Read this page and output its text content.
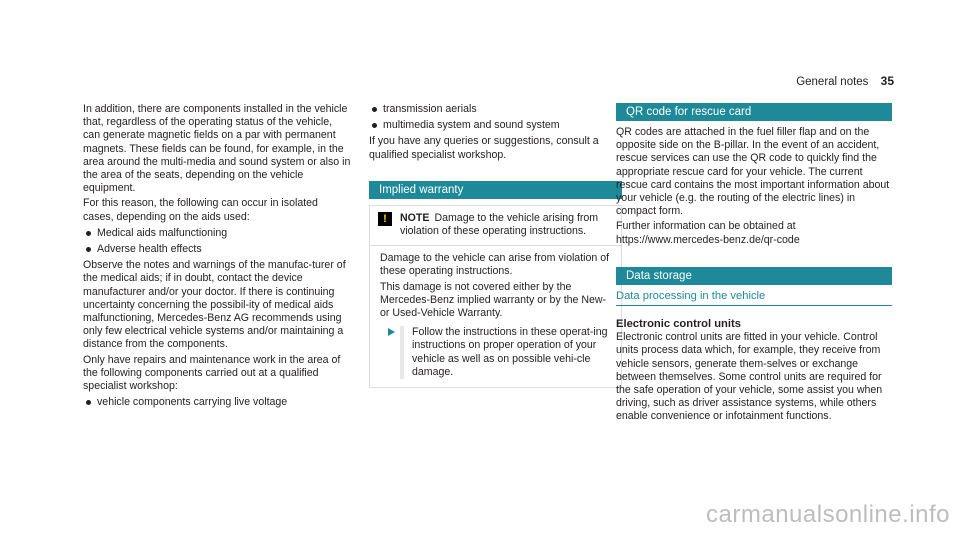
General notes 35

In addition, there are components installed in the vehicle that, regardless of the operating status of the vehicle, can generate magnetic fields on a par with permanent magnets. These fields can be found, for example, in the area around the multi-media and sound system or also in the area of the seats, depending on the vehicle equipment.

For this reason, the following can occur in isolated cases, depending on the aids used:

Medical aids malfunctioning
Adverse health effects

Observe the notes and warnings of the manufac-turer of the medical aids; if in doubt, contact the device manufacturer and/or your doctor. If there is continuing uncertainty concerning the possibil-ity of medical aids malfunctioning, Mercedes-Benz AG recommends using only few electrical vehicle systems and/or maintaining a distance from the components.

Only have repairs and maintenance work in the area of the following components carried out at a qualified specialist workshop:

vehicle components carrying live voltage
transmission aerials
multimedia system and sound system

If you have any queries or suggestions, consult a qualified specialist workshop.

Implied warranty
!	NOTE Damage to the vehicle arising from violation of these operating instructions.

Damage to the vehicle can arise from violation of these operating instructions.

This damage is not covered either by the Mercedes-Benz implied warranty or by the New- or Used-Vehicle Warranty.

Follow the instructions in these operat-ing instructions on proper operation of your vehicle as well as on possible vehi-cle damage.
QR code for rescue card

QR codes are attached in the fuel filler flap and on the opposite side on the B-pillar. In the event of an accident, rescue services can use the QR code to quickly find the appropriate rescue card for your vehicle. The current rescue card contains the most important information about your vehicle (e.g. the routing of the electric lines) in compact form.

Further information can be obtained at https://www.mercedes-benz.de/qr-code

Data storage
Data processing in the vehicle

Electronic control units

Electronic control units are fitted in your vehicle. Control units process data which, for example, they receive from vehicle sensors, generate them-selves or exchange between themselves. Some control units are required for the safe operation of your vehicle, some assist you when driving, such as driver assistance systems, while others enable convenience or infotainment functions.

carmanualsonline.info
